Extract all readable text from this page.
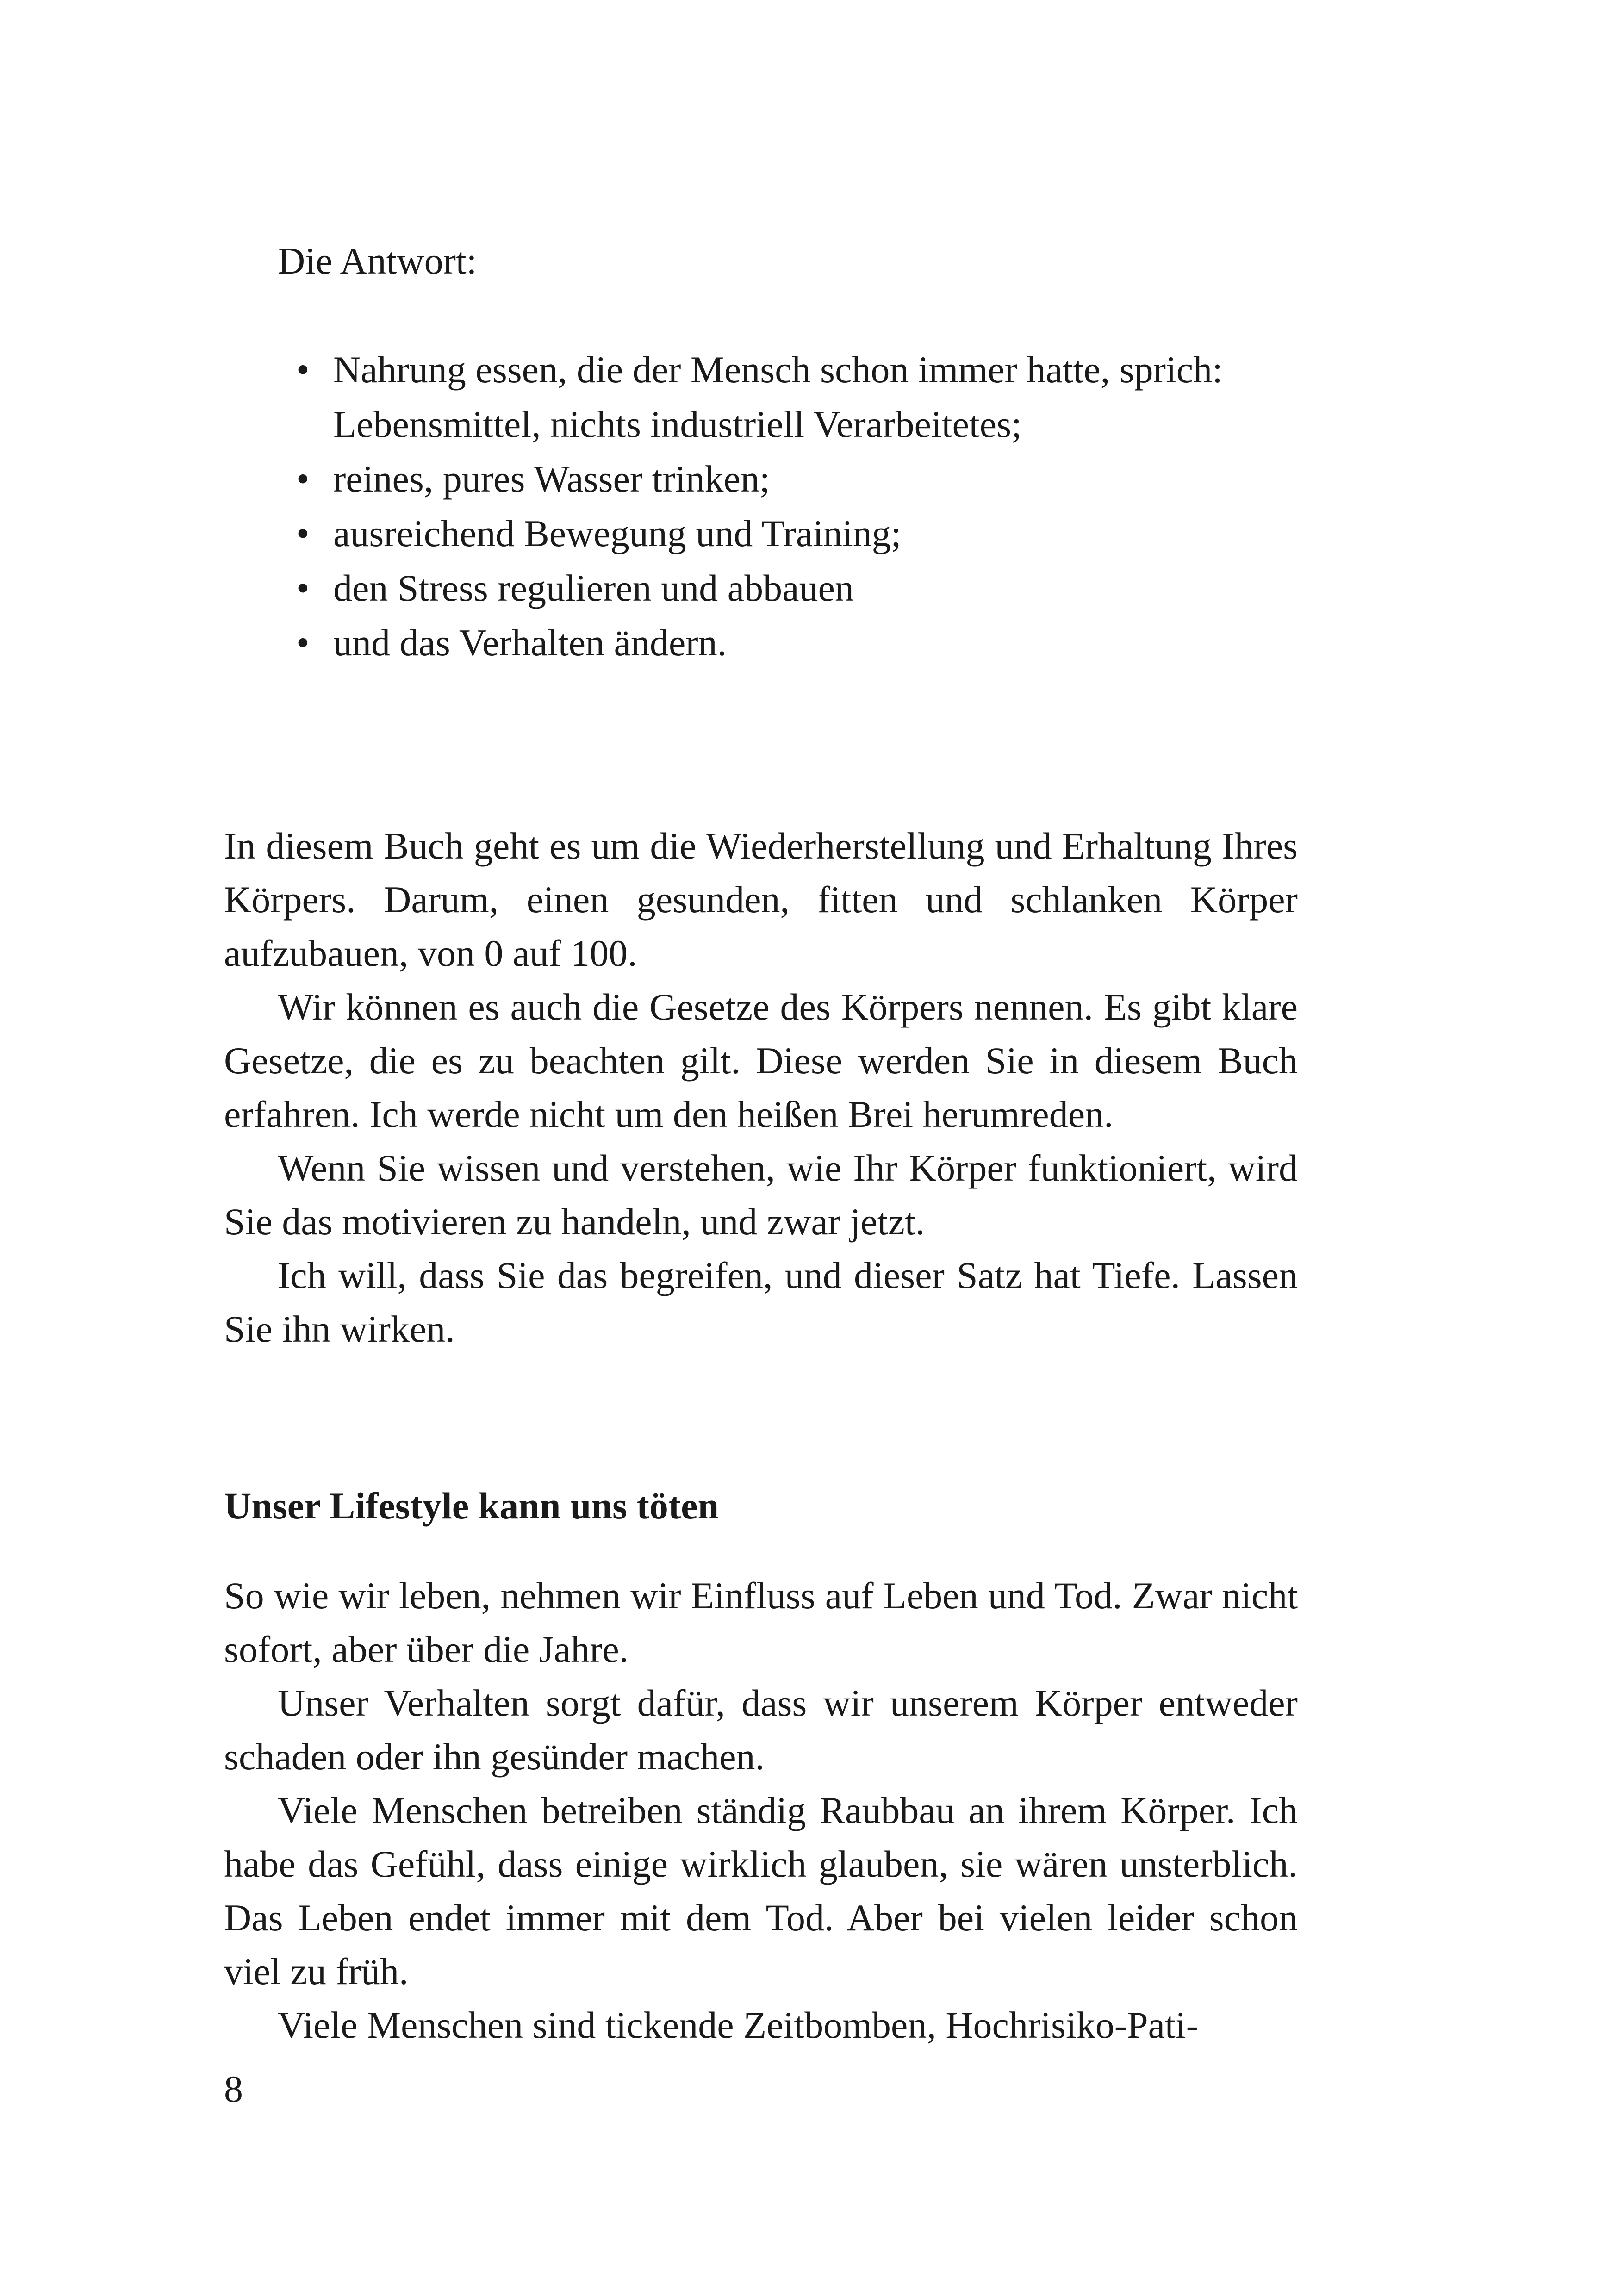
Die Antwort:

• Nahrung essen, die der Mensch schon immer hatte, sprich: Lebensmittel, nichts industriell Verarbeitetes;
• reines, pures Wasser trinken;
• ausreichend Bewegung und Training;
• den Stress regulieren und abbauen
• und das Verhalten ändern.

In diesem Buch geht es um die Wiederherstellung und Erhaltung Ihres Körpers. Darum, einen gesunden, fitten und schlanken Körper aufzubauen, von 0 auf 100.

Wir können es auch die Gesetze des Körpers nennen. Es gibt klare Gesetze, die es zu beachten gilt. Diese werden Sie in diesem Buch erfahren. Ich werde nicht um den heißen Brei herumreden.

Wenn Sie wissen und verstehen, wie Ihr Körper funktioniert, wird Sie das motivieren zu handeln, und zwar jetzt.

Ich will, dass Sie das begreifen, und dieser Satz hat Tiefe. Lassen Sie ihn wirken.

Unser Lifestyle kann uns töten

So wie wir leben, nehmen wir Einfluss auf Leben und Tod. Zwar nicht sofort, aber über die Jahre.

Unser Verhalten sorgt dafür, dass wir unserem Körper entweder schaden oder ihn gesünder machen.

Viele Menschen betreiben ständig Raubbau an ihrem Körper. Ich habe das Gefühl, dass einige wirklich glauben, sie wären unsterblich. Das Leben endet immer mit dem Tod. Aber bei vielen leider schon viel zu früh.

Viele Menschen sind tickende Zeitbomben, Hochrisiko-Pati-

8
